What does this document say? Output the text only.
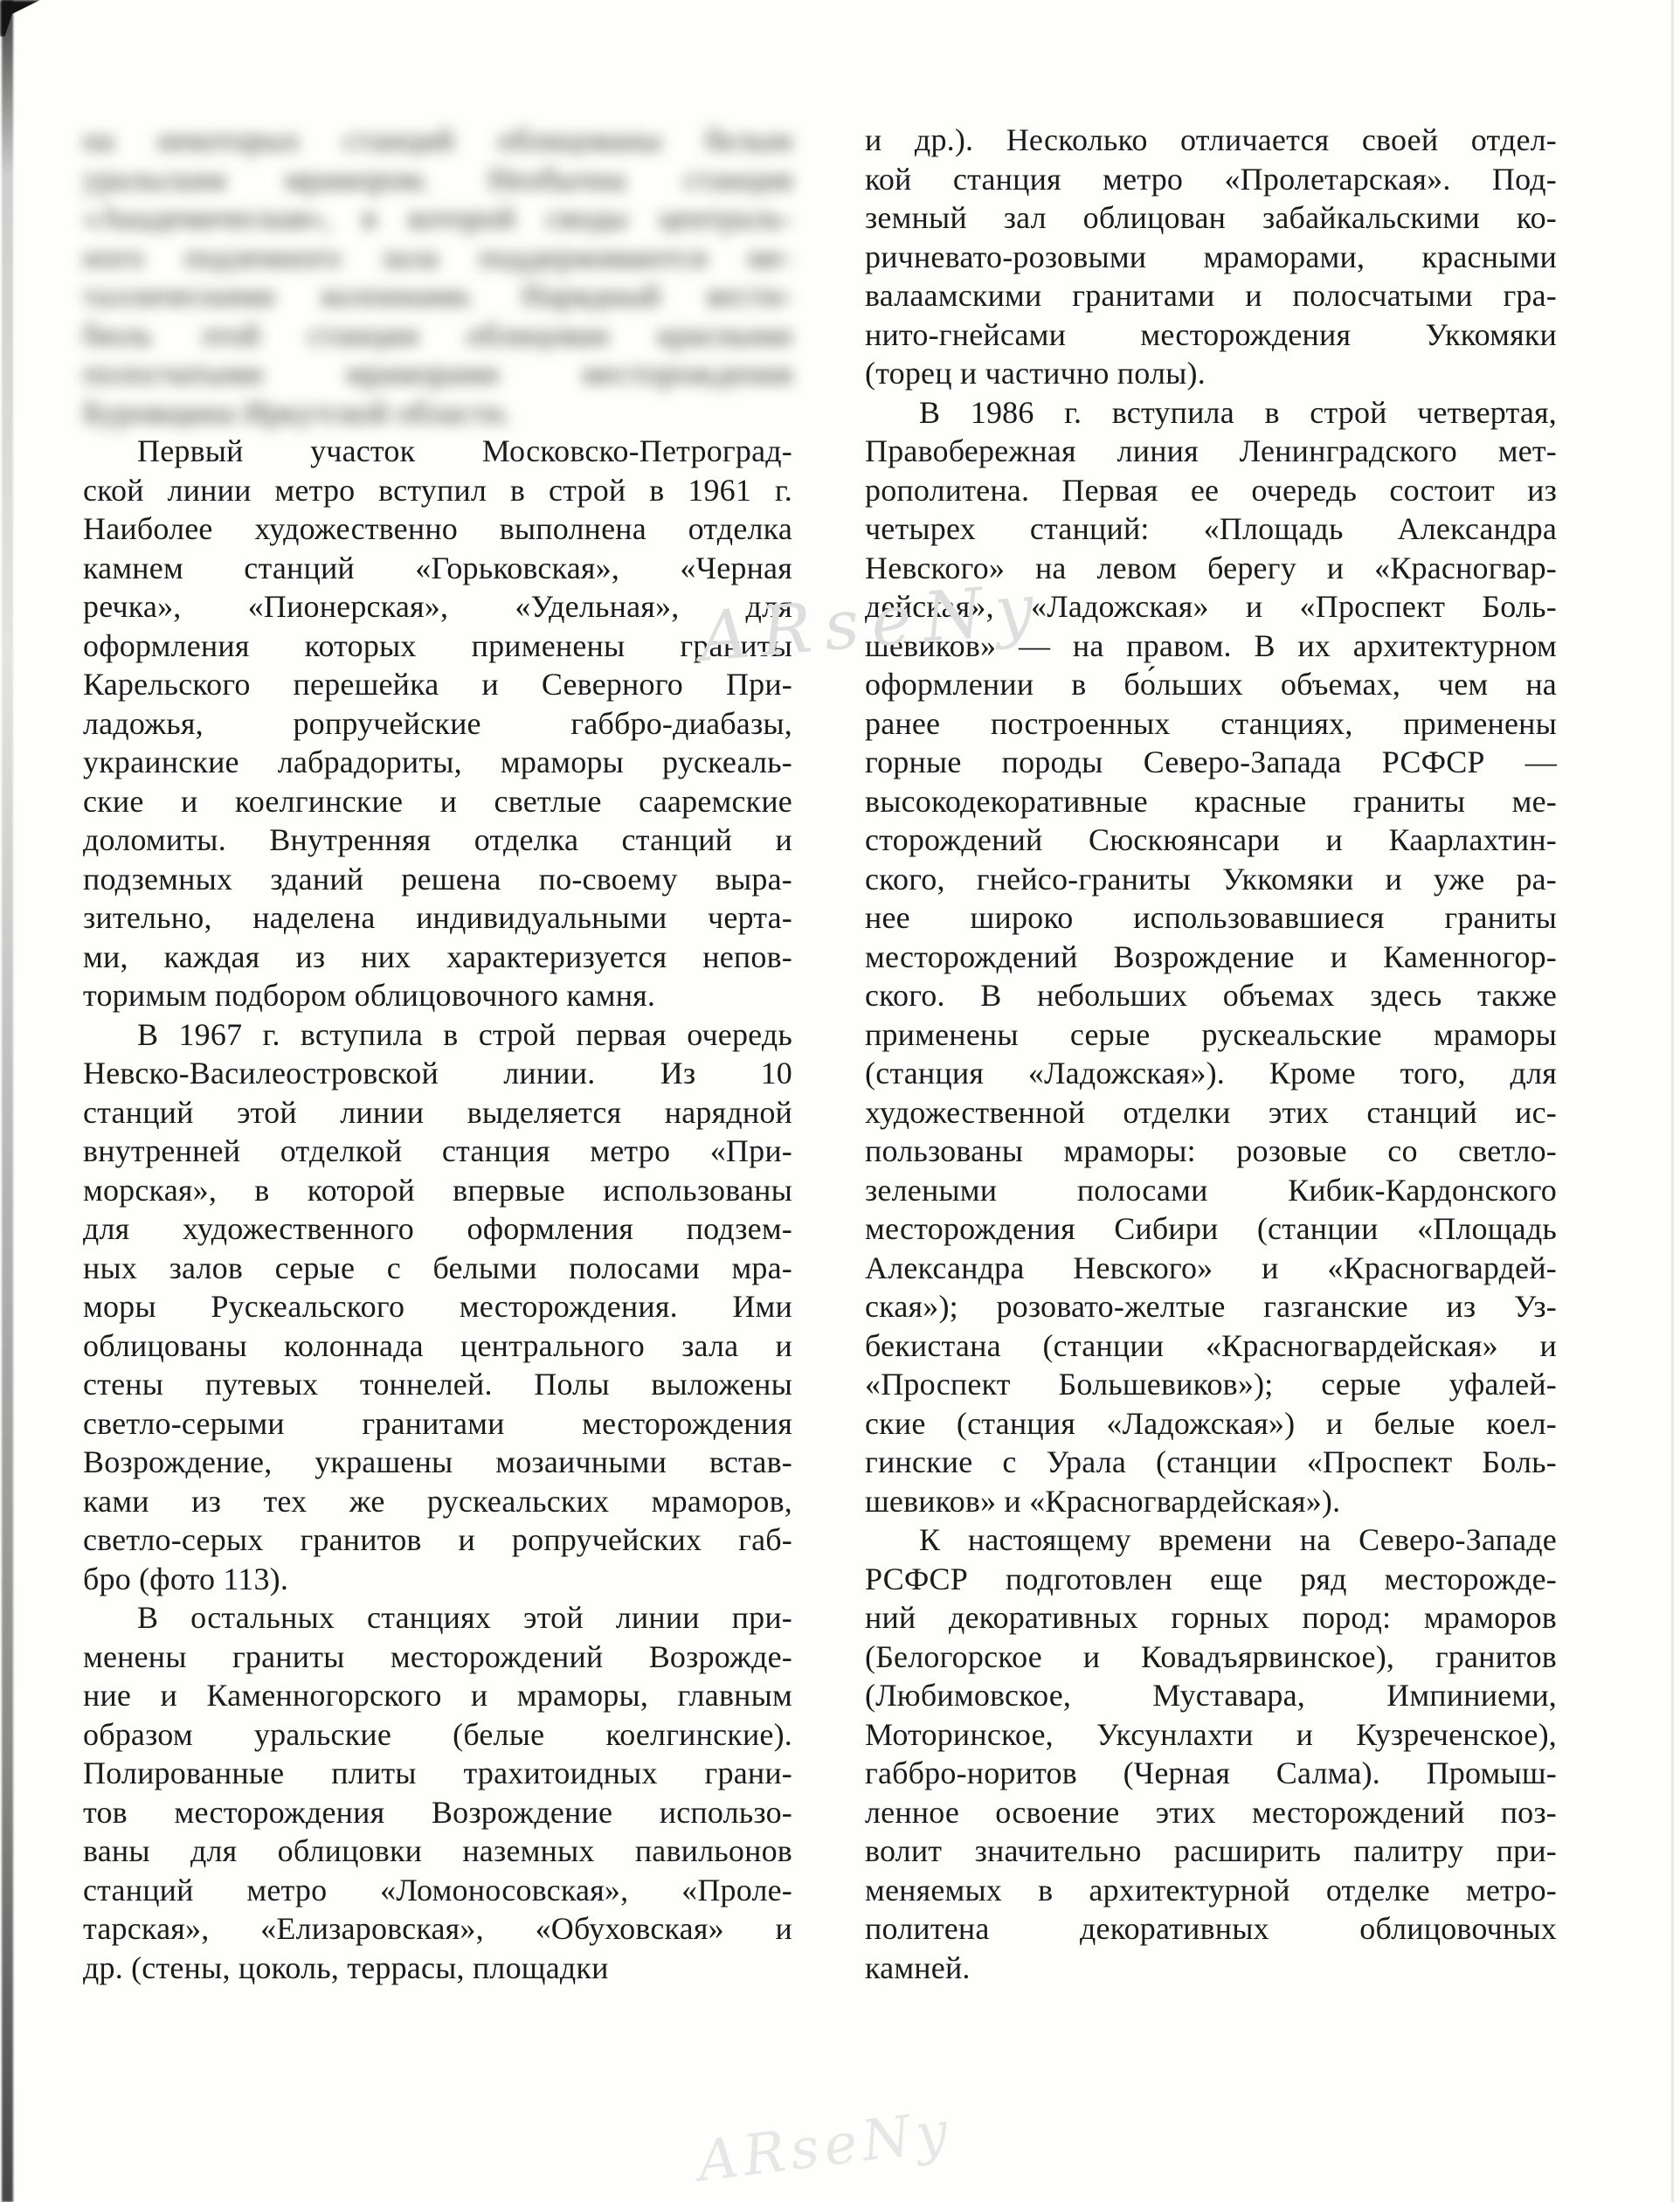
на некоторых станций облицованы белым
уральским мрамором. Необычна станция
«Академическая», в которой своды централь-
ного подземного зала поддерживаются ме-
таллическими колоннами. Нарядный вести-
бюль этой станции облицован красными
полосчатыми мраморами месторождения
Буровщина Иркутской области.
Первый участок Московско-Петроград-
ской линии метро вступил в строй в 1961 г.
Наиболее художественно выполнена отделка
камнем станций «Горьковская», «Черная
речка», «Пионерская», «Удельная», для
оформления которых применены граниты
Карельского перешейка и Северного При-
ладожья, ропручейские габбро-диабазы,
украинские лабрадориты, мраморы рускеаль-
ские и коелгинские и светлые сааремские
доломиты. Внутренняя отделка станций и
подземных зданий решена по-своему выра-
зительно, наделена индивидуальными черта-
ми, каждая из них характеризуется непов-
торимым подбором облицовочного камня.
В 1967 г. вступила в строй первая очередь
Невско-Василеостровской линии. Из 10
станций этой линии выделяется нарядной
внутренней отделкой станция метро «При-
морская», в которой впервые использованы
для художественного оформления подзем-
ных залов серые с белыми полосами мра-
моры Рускеальского месторождения. Ими
облицованы колоннада центрального зала и
стены путевых тоннелей. Полы выложены
светло-серыми гранитами месторождения
Возрождение, украшены мозаичными встав-
ками из тех же рускеальских мраморов,
светло-серых гранитов и ропручейских габ-
бро (фото 113).
В остальных станциях этой линии при-
менены граниты месторождений Возрожде-
ние и Каменногорского и мраморы, главным
образом уральские (белые коелгинские).
Полированные плиты трахитоидных грани-
тов месторождения Возрождение использо-
ваны для облицовки наземных павильонов
станций метро «Ломоносовская», «Проле-
тарская», «Елизаровская», «Обуховская» и
др. (стены, цоколь, террасы, площадки
и др.). Несколько отличается своей отдел-
кой станция метро «Пролетарская». Под-
земный зал облицован забайкальскими ко-
ричневато-розовыми мраморами, красными
валаамскими гранитами и полосчатыми гра-
нито-гнейсами месторождения Уккомяки
(торец и частично полы).
В 1986 г. вступила в строй четвертая,
Правобережная линия Ленинградского мет-
рополитена. Первая ее очередь состоит из
четырех станций: «Площадь Александра
Невского» на левом берегу и «Красногвар-
дейская», «Ладожская» и «Проспект Боль-
шевиков» — на правом. В их архитектурном
оформлении в бо́льших объемах, чем на
ранее построенных станциях, применены
горные породы Северо-Запада РСФСР —
высокодекоративные красные граниты ме-
сторождений Сюскюянсари и Каарлахтин-
ского, гнейсо-граниты Уккомяки и уже ра-
нее широко использовавшиеся граниты
месторождений Возрождение и Каменногор-
ского. В небольших объемах здесь также
применены серые рускеальские мраморы
(станция «Ладожская»). Кроме того, для
художественной отделки этих станций ис-
пользованы мраморы: розовые со светло-
зелеными полосами Кибик-Кардонского
месторождения Сибири (станции «Площадь
Александра Невского» и «Красногвардей-
ская»); розовато-желтые газганские из Уз-
бекистана (станции «Красногвардейская» и
«Проспект Большевиков»); серые уфалей-
ские (станция «Ладожская») и белые коел-
гинские с Урала (станции «Проспект Боль-
шевиков» и «Красногвардейская»).
К настоящему времени на Северо-Западе
РСФСР подготовлен еще ряд месторожде-
ний декоративных горных пород: мраморов
(Белогорское и Ковадъярвинское), гранитов
(Любимовское, Муставара, Импиниеми,
Моторинское, Уксунлахти и Кузреченское),
габбро-норитов (Черная Салма). Промыш-
ленное освоение этих месторождений поз-
волит значительно расширить палитру при-
меняемых в архитектурной отделке метро-
политена декоративных облицовочных
камней.
ARseNy
ARseNy
